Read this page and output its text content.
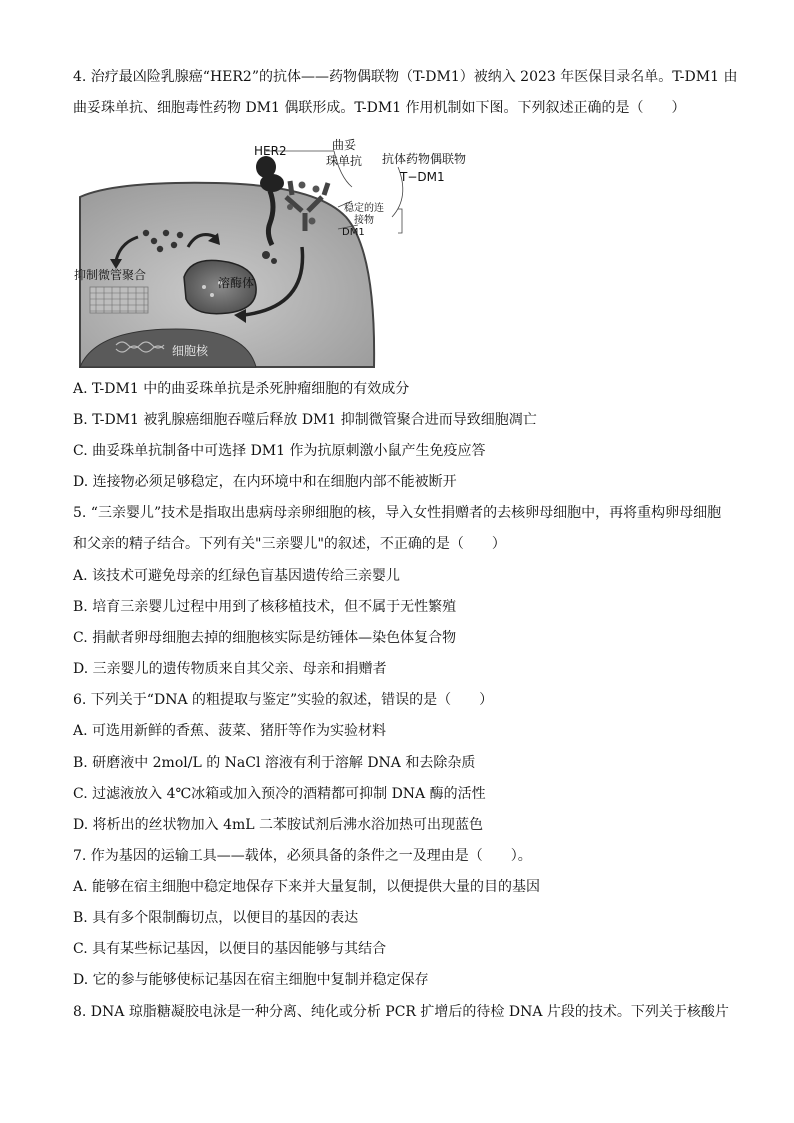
4. 治疗最凶险乳腺癌“HER2”的抗体——药物偶联物（T-DM1）被纳入 2023 年医保目录名单。T-DM1 由
曲妥珠单抗、细胞毒性药物 DM1 偶联形成。T-DM1 作用机制如下图。下列叙述正确的是（　　）
HER2	曲妥
珠单抗 抗体药物偶联物
T−DM1
稳定的连
接物
DM1
抑制微管聚合
溶酶体
细胞核
A. T-DM1 中的曲妥珠单抗是杀死肿瘤细胞的有效成分
B. T-DM1 被乳腺癌细胞吞噬后释放 DM1 抑制微管聚合进而导致细胞凋亡
C. 曲妥珠单抗制备中可选择 DM1 作为抗原刺激小鼠产生免疫应答
D. 连接物必须足够稳定，在内环境中和在细胞内部不能被断开
5. “三亲婴儿”技术是指取出患病母亲卵细胞的核，导入女性捐赠者的去核卵母细胞中，再将重构卵母细胞
和父亲的精子结合。下列有关"三亲婴儿"的叙述，不正确的是（　　）
A. 该技术可避免母亲的红绿色盲基因遗传给三亲婴儿
B. 培育三亲婴儿过程中用到了核移植技术，但不属于无性繁殖
C. 捐献者卵母细胞去掉的细胞核实际是纺锤体—染色体复合物
D. 三亲婴儿的遗传物质来自其父亲、母亲和捐赠者
6. 下列关于“DNA 的粗提取与鉴定”实验的叙述，错误的是（　　）
A. 可选用新鲜的香蕉、菠菜、猪肝等作为实验材料
B. 研磨液中 2mol/L 的 NaCl 溶液有利于溶解 DNA 和去除杂质
C. 过滤液放入 4℃冰箱或加入预冷的酒精都可抑制 DNA 酶的活性
D. 将析出的丝状物加入 4mL 二苯胺试剂后沸水浴加热可出现蓝色
7. 作为基因的运输工具——载体，必须具备的条件之一及理由是（　　）。
A. 能够在宿主细胞中稳定地保存下来并大量复制，以便提供大量的目的基因
B. 具有多个限制酶切点，以便目的基因的表达
C. 具有某些标记基因，以便目的基因能够与其结合
D. 它的参与能够使标记基因在宿主细胞中复制并稳定保存
8. DNA 琼脂糖凝胶电泳是一种分离、纯化或分析 PCR 扩增后的待检 DNA 片段的技术。下列关于核酸片
